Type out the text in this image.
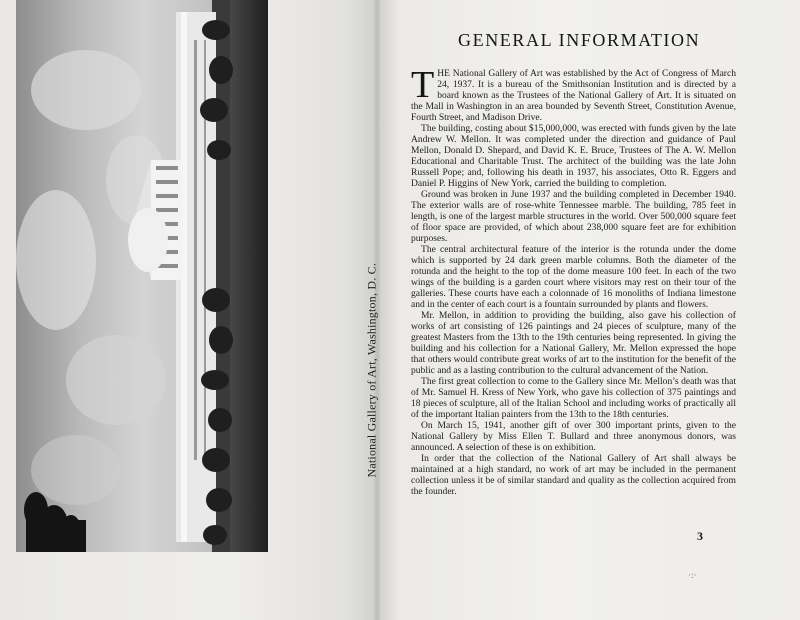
National Gallery of Art, Washington, D. C.
GENERAL INFORMATION

THE National Gallery of Art was established by the Act of Congress of March 24, 1937. It is a bureau of the Smithsonian Institution and is directed by a board known as the Trustees of the National Gallery of Art. It is situated on the Mall in Washington in an area bounded by Seventh Street, Constitution Avenue, Fourth Street, and Madison Drive.

The building, costing about $15,000,000, was erected with funds given by the late Andrew W. Mellon. It was completed under the direction and guidance of Paul Mellon, Donald D. Shepard, and David K. E. Bruce, Trustees of The A. W. Mellon Educational and Charitable Trust. The architect of the building was the late John Russell Pope; and, following his death in 1937, his associates, Otto R. Eggers and Daniel P. Higgins of New York, carried the building to completion.

Ground was broken in June 1937 and the building completed in December 1940. The exterior walls are of rose-white Tennessee marble. The building, 785 feet in length, is one of the largest marble structures in the world. Over 500,000 square feet of floor space are provided, of which about 238,000 square feet are for exhibition purposes.

The central architectural feature of the interior is the rotunda under the dome which is supported by 24 dark green marble columns. Both the diameter of the rotunda and the height to the top of the dome measure 100 feet. In each of the two wings of the building is a garden court where visitors may rest on their tour of the galleries. These courts have each a colonnade of 16 monoliths of Indiana limestone and in the center of each court is a fountain surrounded by plants and flowers.

Mr. Mellon, in addition to providing the building, also gave his collection of works of art consisting of 126 paintings and 24 pieces of sculpture, many of the greatest Masters from the 13th to the 19th centuries being represented. In giving the building and his collection for a National Gallery, Mr. Mellon expressed the hope that others would contribute great works of art to the institution for the benefit of the public and as a lasting contribution to the cultural advancement of the Nation.

The first great collection to come to the Gallery since Mr. Mellon’s death was that of Mr. Samuel H. Kress of New York, who gave his collection of 375 paintings and 18 pieces of sculpture, all of the Italian School and including works of practically all of the important Italian painters from the 13th to the 18th centuries.

On March 15, 1941, another gift of over 300 important prints, given to the National Gallery by Miss Ellen T. Bullard and three anonymous donors, was announced. A selection of these is on exhibition.

In order that the collection of the National Gallery of Art shall always be maintained at a high standard, no work of art may be included in the permanent collection unless it be of similar standard and quality as the collection acquired from the founder.

3
·:·
